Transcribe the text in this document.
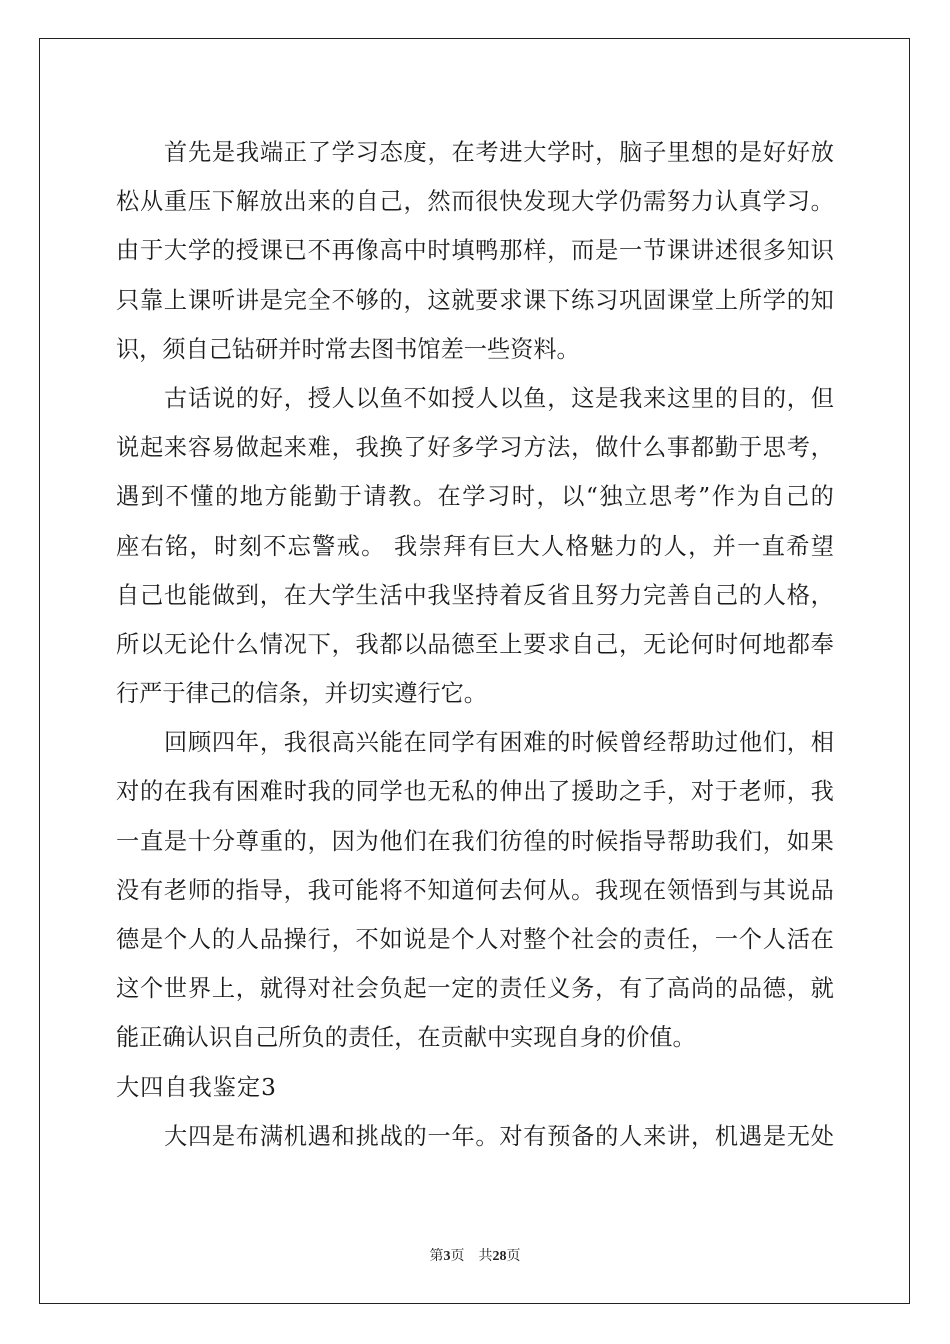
首 先 是 我 端 正 了 学 习 态 度 ， 在 考 进 大 学 时 ， 脑 子 里 想 的 是 好 好 放
松 从 重 压 下 解 放 出 来 的 自 己 ， 然 而 很 快 发 现 大 学 仍 需 努 力 认 真 学 习 。
由 于 大 学 的 授 课 已 不 再 像 高 中 时 填 鸭 那 样 ， 而 是 一 节 课 讲 述 很 多 知 识
只 靠 上 课 听 讲 是 完 全 不 够 的 ， 这 就 要 求 课 下 练 习 巩 固 课 堂 上 所 学 的 知
识，须自己钻研并时常去图书馆差一些资料。
古 话 说 的 好 ， 授 人 以 鱼 不 如 授 人 以 鱼 ， 这 是 我 来 这 里 的 目 的 ， 但
说 起 来 容 易 做 起 来 难 ， 我 换 了 好 多 学 习 方 法 ， 做 什 么 事 都 勤 于 思 考 ，
遇 到 不 懂 的 地 方 能 勤 于 请 教 。 在 学 习 时 ， 以 “ 独 立 思 考 ” 作 为 自 己 的
座 右 铭 ， 时 刻 不 忘 警 戒 。 我 崇 拜 有 巨 大 人 格 魅 力 的 人 ， 并 一 直 希 望
自 己 也 能 做 到 ， 在 大 学 生 活 中 我 坚 持 着 反 省 且 努 力 完 善 自 己 的 人 格 ，
所 以 无 论 什 么 情 况 下 ， 我 都 以 品 德 至 上 要 求 自 己 ， 无 论 何 时 何 地 都 奉
行严于律己的信条，并切实遵行它。
回 顾 四 年 ， 我 很 高 兴 能 在 同 学 有 困 难 的 时 候 曾 经 帮 助 过 他 们 ， 相
对 的 在 我 有 困 难 时 我 的 同 学 也 无 私 的 伸 出 了 援 助 之 手 ， 对 于 老 师 ， 我
一 直 是 十 分 尊 重 的 ， 因 为 他 们 在 我 们 彷 徨 的 时 候 指 导 帮 助 我 们 ， 如 果
没 有 老 师 的 指 导 ， 我 可 能 将 不 知 道 何 去 何 从 。 我 现 在 领 悟 到 与 其 说 品
德 是 个 人 的 人 品 操 行 ， 不 如 说 是 个 人 对 整 个 社 会 的 责 任 ， 一 个 人 活 在
这 个 世 界 上 ， 就 得 对 社 会 负 起 一 定 的 责 任 义 务 ， 有 了 高 尚 的 品 德 ， 就
能正确认识自己所负的责任，在贡献中实现自身的价值。
大四自我鉴定3
大 四 是 布 满 机 遇 和 挑 战 的 一 年 。 对 有 预 备 的 人 来 讲 ， 机 遇 是 无 处
第3页　共28页
